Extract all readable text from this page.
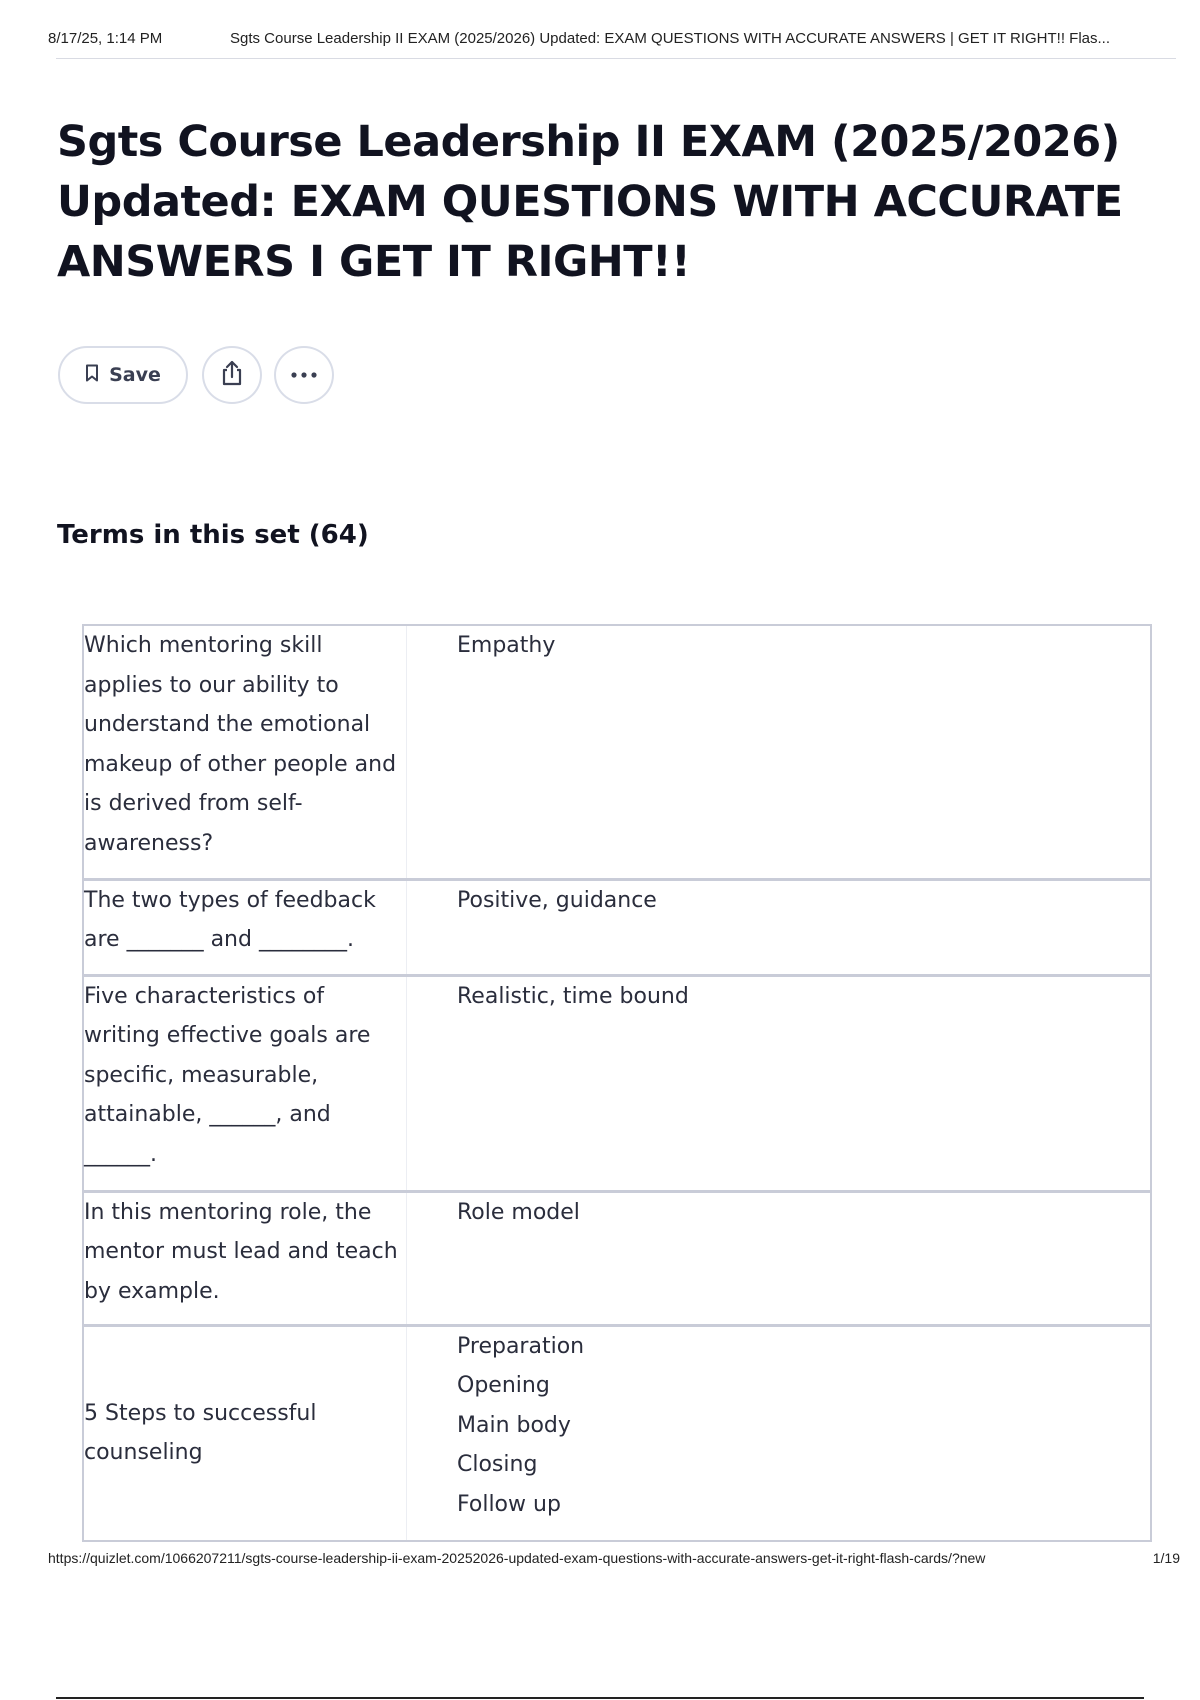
8/17/25, 1:14 PM	Sgts Course Leadership II EXAM (2025/2026) Updated: EXAM QUESTIONS WITH ACCURATE ANSWERS | GET IT RIGHT!! Flas...
Sgts Course Leadership II EXAM (2025/2026) Updated: EXAM QUESTIONS WITH ACCURATE ANSWERS I GET IT RIGHT!!
Save
Terms in this set (64)
Which mentoring skill applies to our ability to understand the emotional makeup of other people and is derived from self-awareness?	Empathy

The two types of feedback are _______ and ________.	Positive, guidance

Five characteristics of writing effective goals are specific, measurable, attainable, ______, and ______.	Realistic, time bound

In this mentoring role, the mentor must lead and teach by example.	Role model

5 Steps to successful counseling	Preparation
Opening
Main body
Closing
Follow up
https://quizlet.com/1066207211/sgts-course-leadership-ii-exam-20252026-updated-exam-questions-with-accurate-answers-get-it-right-flash-cards/?new	1/19
